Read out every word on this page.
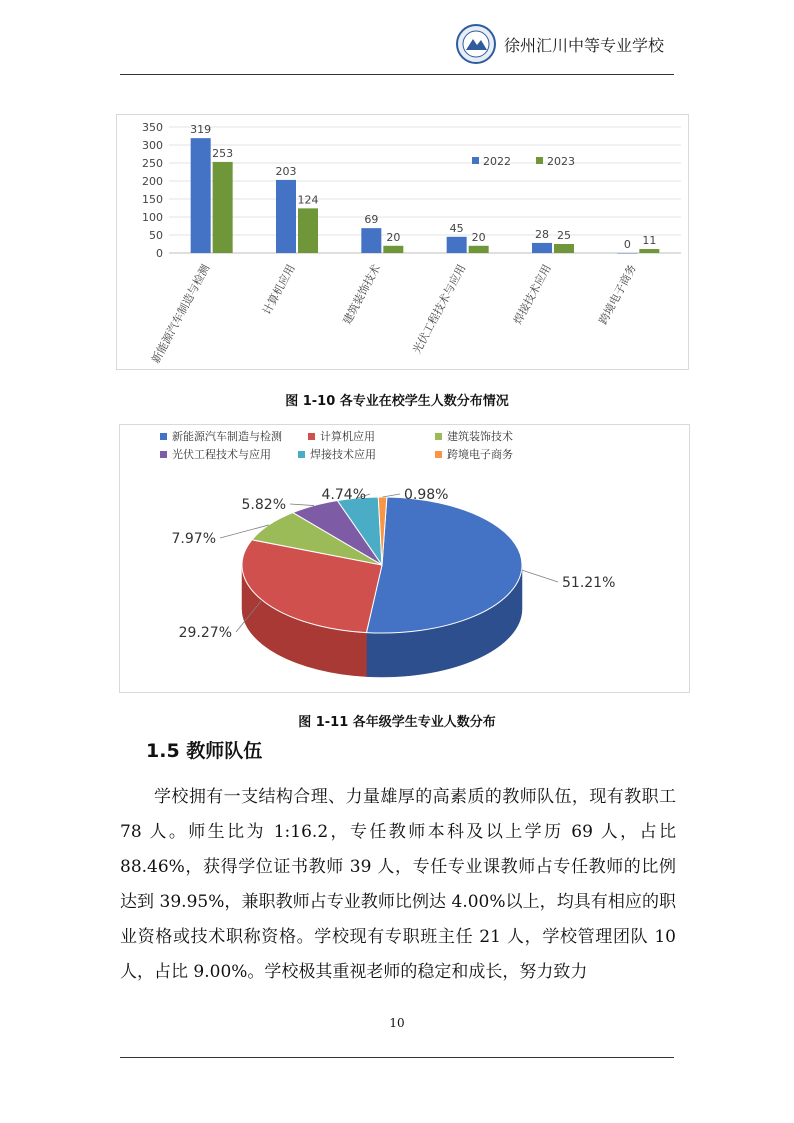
徐州汇川中等专业学校
0
50
100
150
200
250
300
350 319
253
新能源汽车制造与检测
203
124
计算机应用
69
20
建筑装饰技术
45
20
光伏工程技术与应用
28 25
焊接技术应用
0 11
跨境电子商务
2022	2023
图 1-10 各专业在校学生人数分布情况
新能源汽车制造与检测	计算机应用	建筑装饰技术
光伏工程技术与应用	焊接技术应用	跨境电子商务
51.21%
29.27%
7.97%
5.82%
4.74%	0.98%
图 1-11 各年级学生专业人数分布
1.5 教师队伍

学校拥有一支结构合理、力量雄厚的高素质的教师队伍，现有教职工 78 人。师生比为 1:16.2，专任教师本科及以上学历 69 人，占比 88.46%，获得学位证书教师 39 人，专任专业课教师占专任教师的比例达到 39.95%，兼职教师占专业教师比例达 4.00%以上，均具有相应的职业资格或技术职称资格。学校现有专职班主任 21 人，学校管理团队 10 人，占比 9.00%。学校极其重视老师的稳定和成长，努力致力

10
